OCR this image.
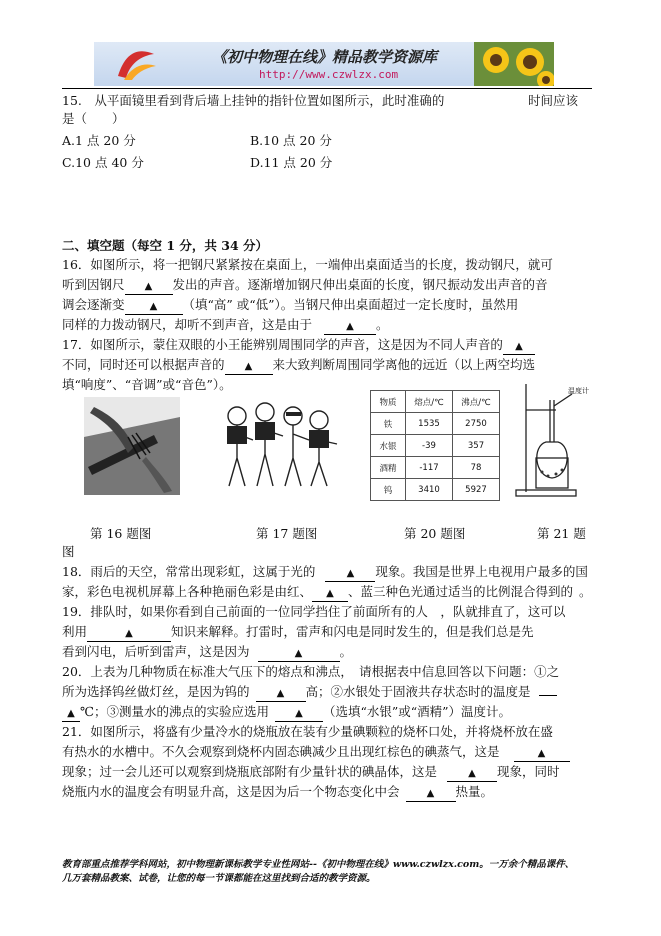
《初中物理在线》精品教学资源库
http://www.czwlzx.com
15.　从平面镜里看到背后墙上挂钟的指针位置如图所示，此时准确的	时间应该
是（　　）
A.1 点 20 分	B.10 点 20 分
C.10 点 40 分	D.11 点 20 分
二、填空题（每空 1 分，共 34 分）
16．如图所示，将一把钢尺紧紧按在桌面上，一端伸出桌面适当的长度，拨动钢尺，就可
听到因钢尺 ▲ 发出的声音。逐渐增加钢尺伸出桌面的长度，钢尺振动发出声音的音
调会逐渐变	▲ （填“高” 或“低”）。当钢尺伸出桌面超过一定长度时，虽然用
同样的力拨动钢尺，却听不到声音，这是由于	▲ 。
17．如图所示，蒙住双眼的小王能辨别周围同学的声音，这是因为不同人声音的 ▲
不同，同时还可以根据声音的 ▲ 来大致判断周围同学离他的远近（以上两空均选
填“响度”、“音调”或“音色”）。
物质	熔点/℃	沸点/℃
铁	1535	2750
水银	-39	357
酒精	-117	78
钨	3410	5927
温度计
第 16 题图	第 17 题图	第 20 题图	第 21 题
图
18．雨后的天空，常常出现彩虹，这属于光的	▲ 现象。我国是世界上电视用户最多的国
家，彩色电视机屏幕上各种艳丽色彩是由红、 ▲ 、蓝三种色光通过适当的比例混合得到的 。
19．排队时，如果你看到自己前面的一位同学挡住了前面所有的人　，队就排直了，这可以
利用	▲	知识来解释。打雷时，雷声和闪电是同时发生的，但是我们总是先
看到闪电，后听到雷声，这是因为	▲	。
20．上表为几种物质在标准大气压下的熔点和沸点，　请根据表中信息回答以下问题：①之
所为选择钨丝做灯丝，是因为钨的	▲ 高；②水银处于固液共存状态时的温度是
▲ ℃；③测量水的沸点的实验应选用	▲ （选填“水银”或“酒精”）温度计。
21．如图所示，将盛有少量冷水的烧瓶放在装有少量碘颗粒的烧杯口处，并将烧杯放在盛
有热水的水槽中。不久会观察到烧杯内固态碘减少且出现红棕色的碘蒸气，这是	▲
现象；过一会儿还可以观察到烧瓶底部附有少量针状的碘晶体，这是	▲ 现象，同时
烧瓶内水的温度会有明显升高，这是因为后一个物态变化中会	▲ 热量。
教育部重点推荐学科网站，初中物理新课标教学专业性网站--《初中物理在线》www.czwlzx.com。一万余个精品课件、
几万套精品教案、试卷，让您的每一节课都能在这里找到合适的教学资源。
